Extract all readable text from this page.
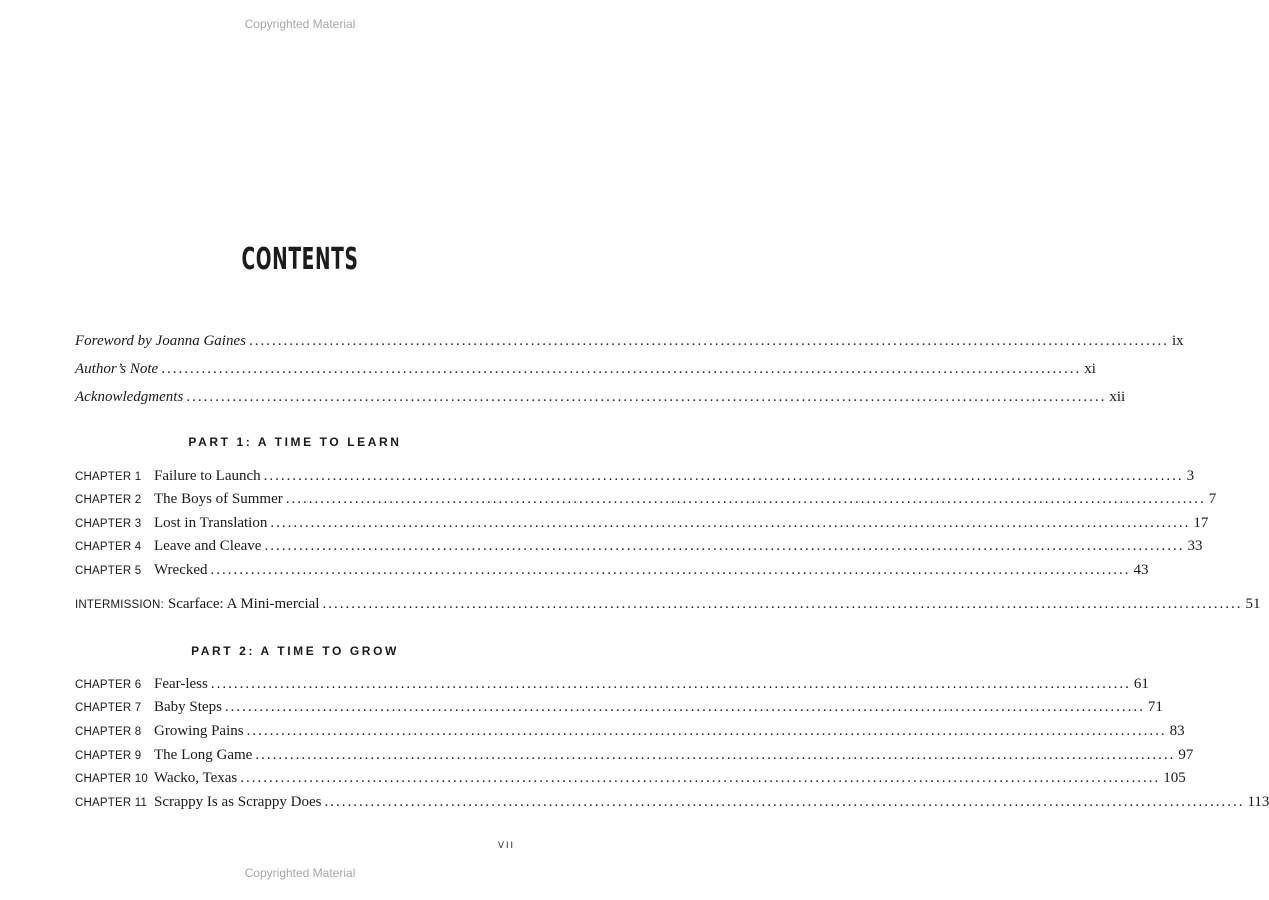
Copyrighted Material
CONTENTS
Foreword by Joanna Gaines ................................................................................................................................................................ ix
Author’s Note ................................................................................................................................................................ xi
Acknowledgments ................................................................................................................................................................ xii
PART 1: A TIME TO LEARN
CHAPTER 1 Failure to Launch ................................................................................................................................................................ 3
CHAPTER 2 The Boys of Summer ................................................................................................................................................................ 7
CHAPTER 3 Lost in Translation ................................................................................................................................................................ 17
CHAPTER 4 Leave and Cleave ................................................................................................................................................................ 33
CHAPTER 5 Wrecked ................................................................................................................................................................ 43
INTERMISSION: Scarface: A Mini-mercial ................................................................................................................................................................ 51
PART 2: A TIME TO GROW
CHAPTER 6 Fear-less ................................................................................................................................................................ 61
CHAPTER 7 Baby Steps ................................................................................................................................................................ 71
CHAPTER 8 Growing Pains ................................................................................................................................................................ 83
CHAPTER 9 The Long Game ................................................................................................................................................................ 97
CHAPTER 10 Wacko, Texas ................................................................................................................................................................ 105
CHAPTER 11 Scrappy Is as Scrappy Does ................................................................................................................................................................ 113
VII
Copyrighted Material
